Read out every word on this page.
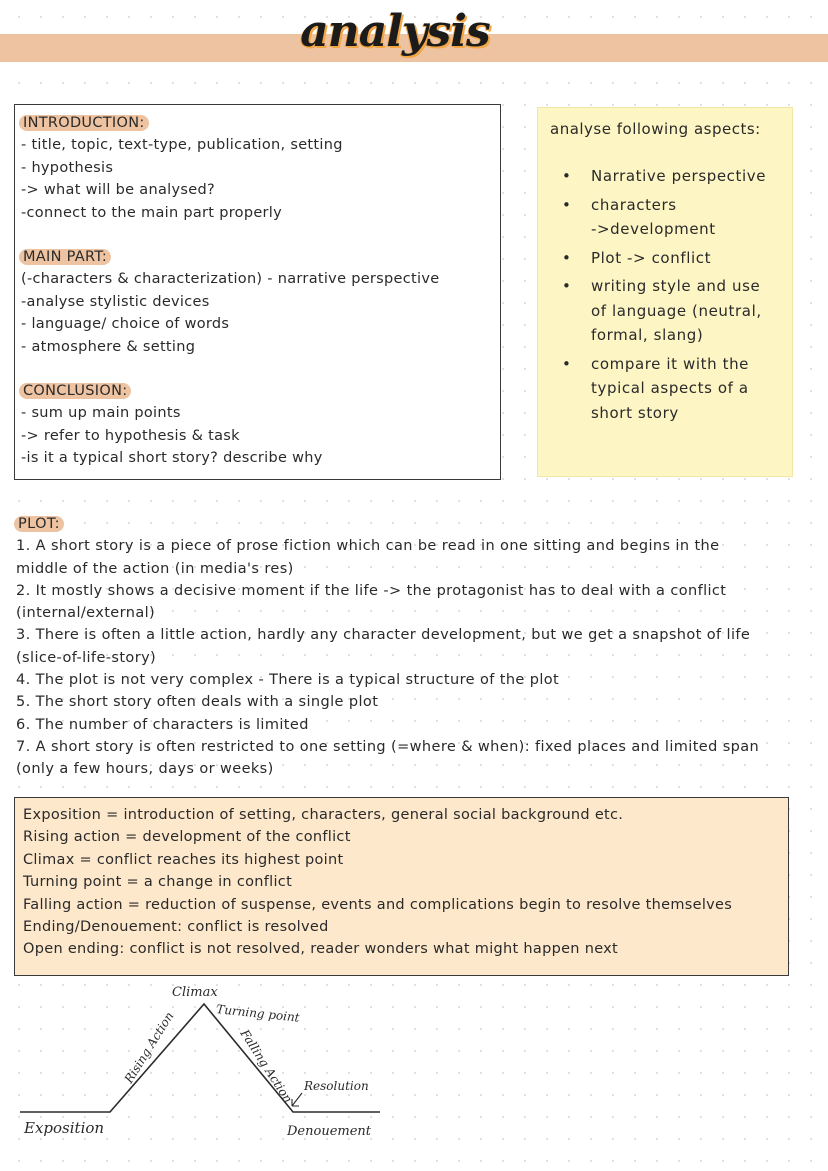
analysis
INTRODUCTION:
- title, topic, text-type, publication, setting
- hypothesis
-> what will be analysed?
-connect to the main part properly
MAIN PART:
(-characters & characterization) - narrative perspective
-analyse stylistic devices
- language/ choice of words
- atmosphere & setting
CONCLUSION:
- sum up main points
-> refer to hypothesis & task
-is it a typical short story? describe why
analyse following aspects:
• Narrative perspective
• characters
->development
• Plot -> conflict
• writing style and use
of language (neutral,
formal, slang)
• compare it with the
typical aspects of a
short story
PLOT:
1. A short story is a piece of prose fiction which can be read in one sitting and begins in the
middle of the action (in media's res)
2. It mostly shows a decisive moment if the life -> the protagonist has to deal with a conflict
(internal/external)
3. There is often a little action, hardly any character development, but we get a snapshot of life
(slice-of-life-story)
4. The plot is not very complex - There is a typical structure of the plot
5. The short story often deals with a single plot
6. The number of characters is limited
7. A short story is often restricted to one setting (=where & when): fixed places and limited span
(only a few hours, days or weeks)
Exposition = introduction of setting, characters, general social background etc.
Rising action = development of the conflict
Climax = conflict reaches its highest point
Turning point = a change in conflict
Falling action = reduction of suspense, events and complications begin to resolve themselves
Ending/Denouement: conflict is resolved
Open ending: conflict is not resolved, reader wonders what might happen next
Climax
Turning point
Rising Action	Falling Action Resolution
Exposition	Denouement
